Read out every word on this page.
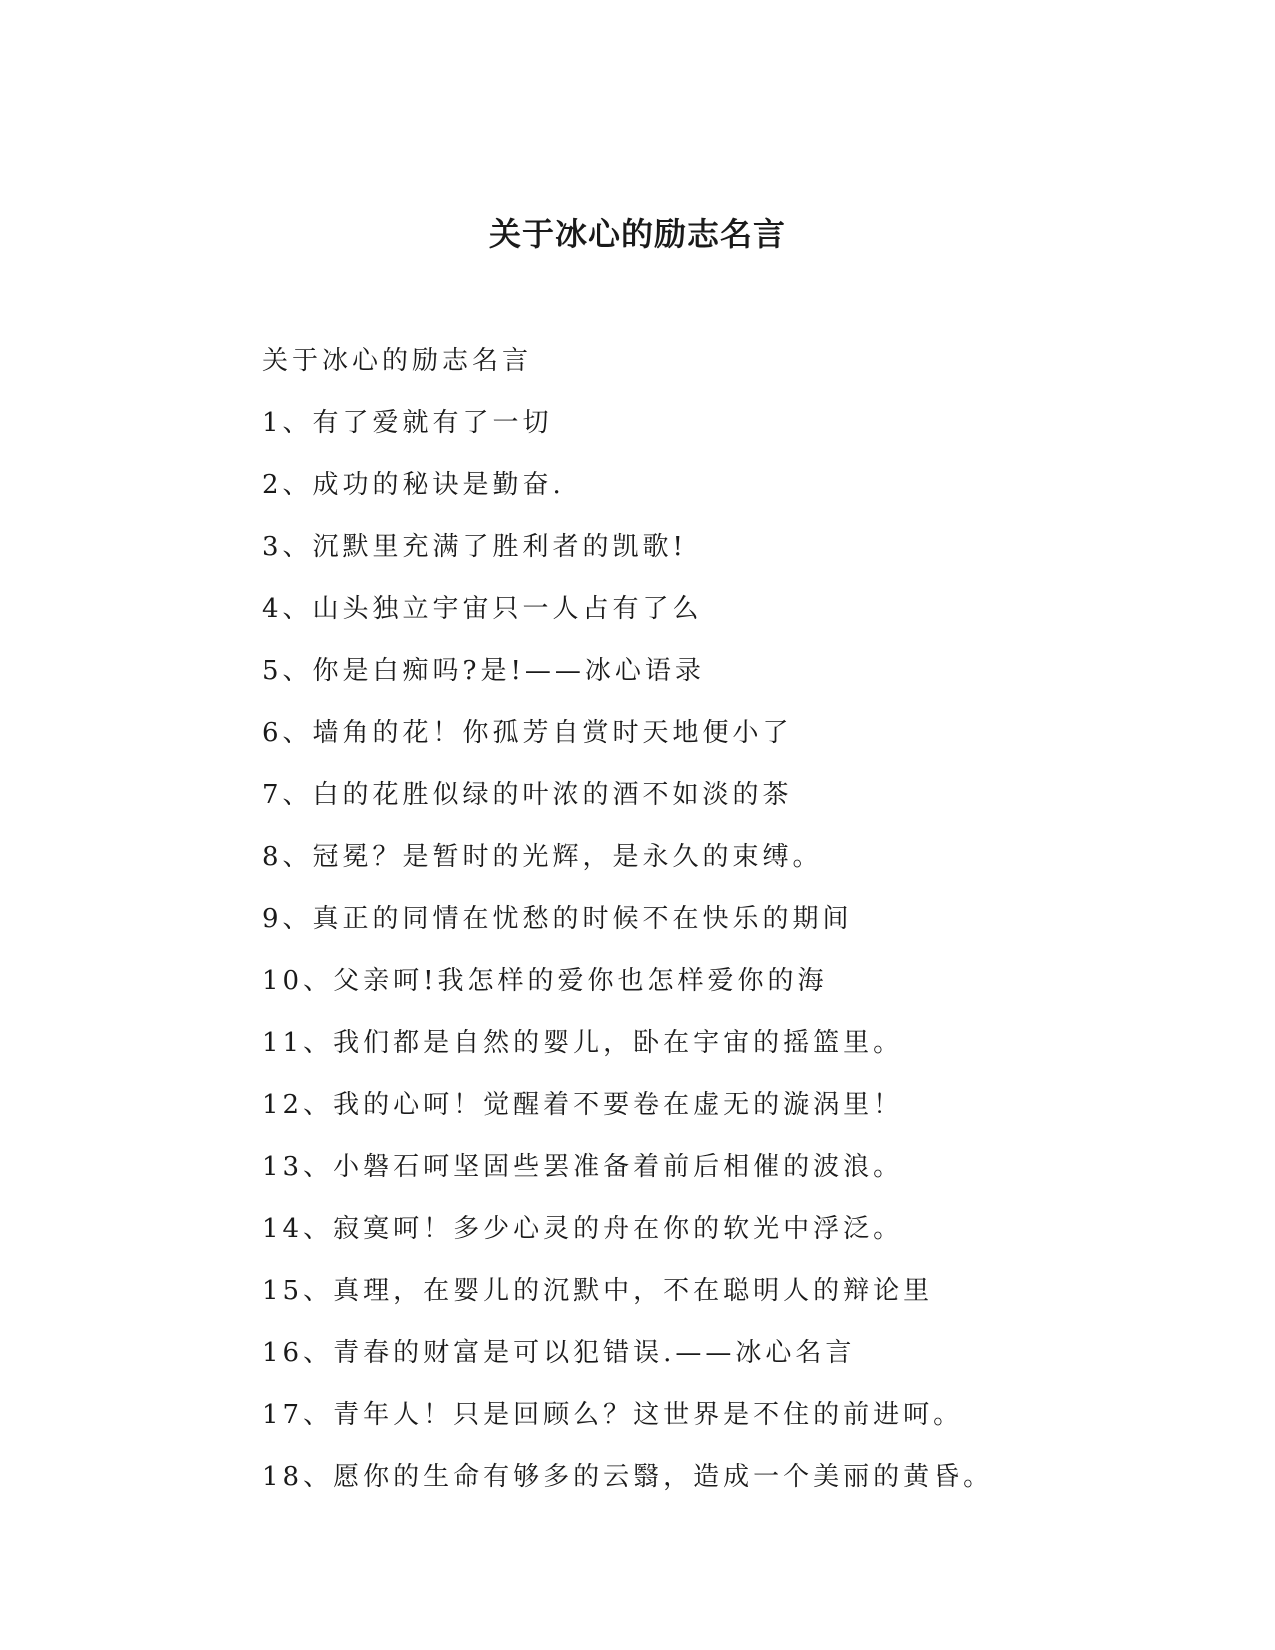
关于冰心的励志名言

关于冰心的励志名言

1、有了爱就有了一切

2、成功的秘诀是勤奋.

3、沉默里充满了胜利者的凯歌!

4、山头独立宇宙只一人占有了么

5、你是白痴吗?是!——冰心语录

6、墙角的花！你孤芳自赏时天地便小了

7、白的花胜似绿的叶浓的酒不如淡的茶

8、冠冕？是暂时的光辉，是永久的束缚。

9、真正的同情在忧愁的时候不在快乐的期间

10、父亲呵!我怎样的爱你也怎样爱你的海

11、我们都是自然的婴儿，卧在宇宙的摇篮里。

12、我的心呵！觉醒着不要卷在虚无的漩涡里！

13、小磐石呵坚固些罢准备着前后相催的波浪。

14、寂寞呵！多少心灵的舟在你的软光中浮泛。

15、真理，在婴儿的沉默中，不在聪明人的辩论里

16、青春的财富是可以犯错误.——冰心名言

17、青年人！只是回顾么？这世界是不住的前进呵。

18、愿你的生命有够多的云翳，造成一个美丽的黄昏。
